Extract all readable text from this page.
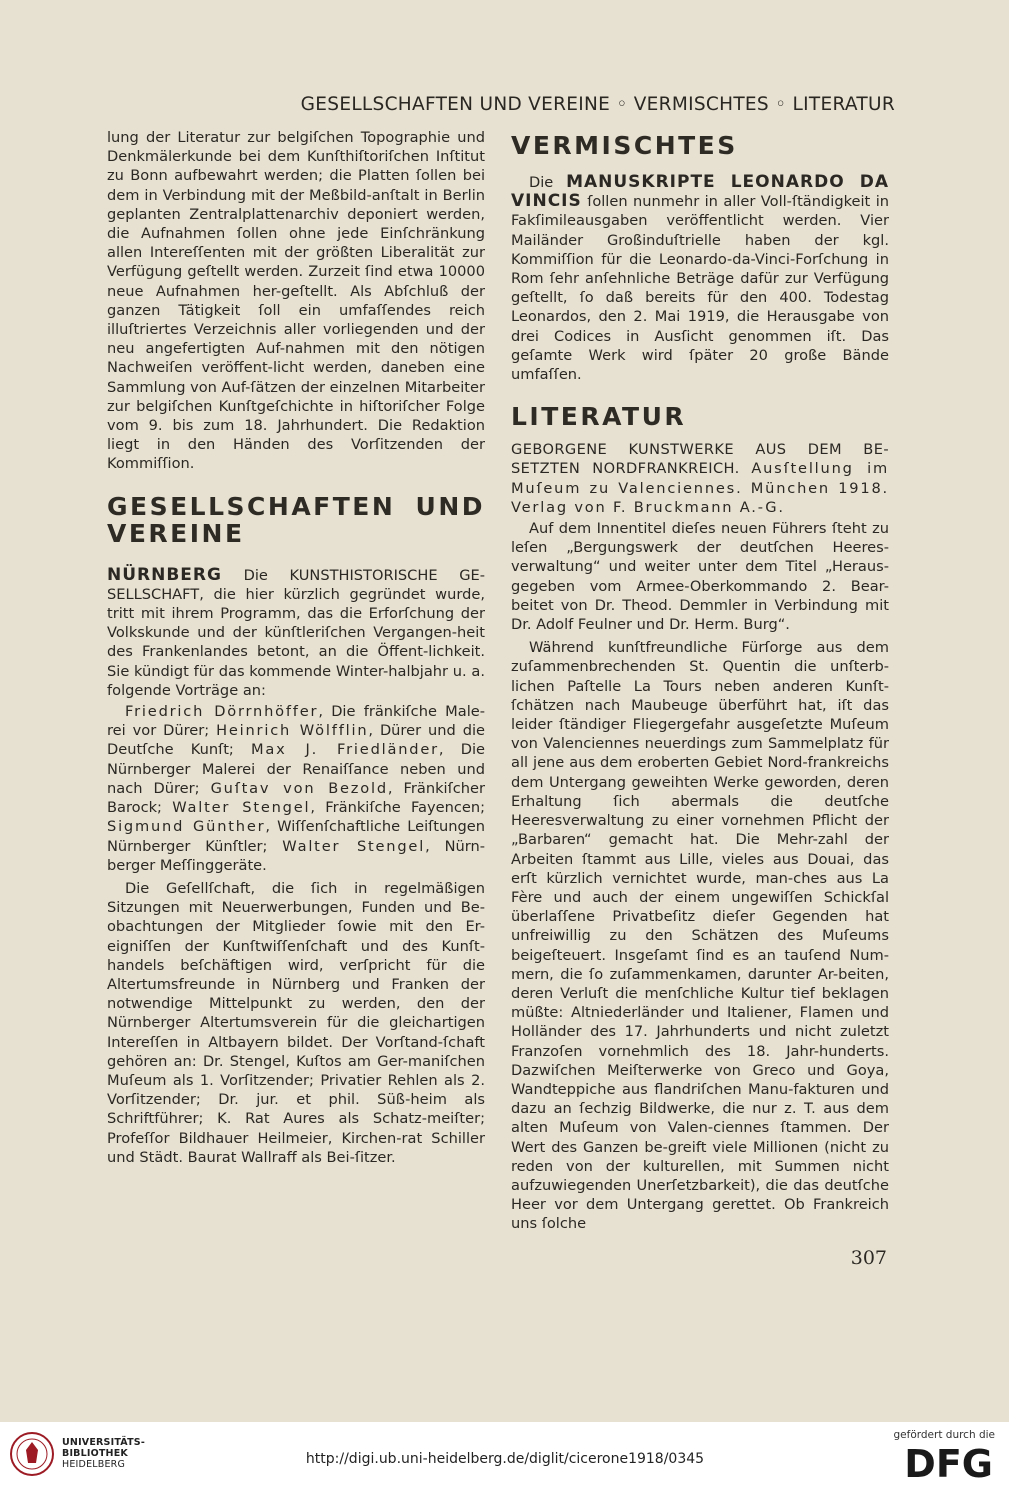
GESELLSCHAFTEN UND VEREINE ◦ VERMISCHTES ◦ LITERATUR

lung der Literatur zur belgiſchen Topographie und Denkmälerkunde bei dem Kunſthiſtoriſchen Inſtitut zu Bonn aufbewahrt werden; die Platten ſollen bei dem in Verbindung mit der Meßbild-anſtalt in Berlin geplanten Zentralplattenarchiv deponiert werden, die Aufnahmen ſollen ohne jede Einſchränkung allen Intereſſenten mit der größten Liberalität zur Verfügung geſtellt werden. Zurzeit ſind etwa 10000 neue Aufnahmen her-geſtellt. Als Abſchluß der ganzen Tätigkeit ſoll ein umfaſſendes reich illuſtriertes Verzeichnis aller vorliegenden und der neu angefertigten Auf-nahmen mit den nötigen Nachweiſen veröffent-licht werden, daneben eine Sammlung von Auf-ſätzen der einzelnen Mitarbeiter zur belgiſchen Kunſtgeſchichte in hiſtoriſcher Folge vom 9. bis zum 18. Jahrhundert. Die Redaktion liegt in den Händen des Vorſitzenden der Kommiſſion.

GESELLSCHAFTEN UND VEREINE

NÜRNBERG Die KUNSTHISTORISCHE GE-SELLSCHAFT, die hier kürzlich gegründet wurde, tritt mit ihrem Programm, das die Erforſchung der Volkskunde und der künſtleriſchen Vergangen-heit des Frankenlandes betont, an die Öffent-lichkeit. Sie kündigt für das kommende Winter-halbjahr u. a. folgende Vorträge an:

Friedrich Dörrnhöffer, Die fränkiſche Male-rei vor Dürer; Heinrich Wölfflin, Dürer und die Deutſche Kunſt; Max J. Friedländer, Die Nürnberger Malerei der Renaiſſance neben und nach Dürer; Guſtav von Bezold, Fränkiſcher Barock; Walter Stengel, Fränkiſche Fayencen; Sigmund Günther, Wiſſenſchaftliche Leiſtungen Nürnberger Künſtler; Walter Stengel, Nürn-berger Meſſinggeräte.

Die Geſellſchaft, die ſich in regelmäßigen Sitzungen mit Neuerwerbungen, Funden und Be-obachtungen der Mitglieder ſowie mit den Er-eigniſſen der Kunſtwiſſenſchaft und des Kunſt-handels beſchäftigen wird, verſpricht für die Altertumsfreunde in Nürnberg und Franken der notwendige Mittelpunkt zu werden, den der Nürnberger Altertumsverein für die gleichartigen Intereſſen in Altbayern bildet. Der Vorſtand-ſchaft gehören an: Dr. Stengel, Kuſtos am Ger-maniſchen Muſeum als 1. Vorſitzender; Privatier Rehlen als 2. Vorſitzender; Dr. jur. et phil. Süß-heim als Schriftführer; K. Rat Aures als Schatz-meiſter; Profeſſor Bildhauer Heilmeier, Kirchen-rat Schiller und Städt. Baurat Wallraff als Bei-ſitzer.

VERMISCHTES

Die MANUSKRIPTE LEONARDO DA VINCIS ſollen nunmehr in aller Voll-ſtändigkeit in Fakſimileausgaben veröffentlicht werden. Vier Mailänder Großinduſtrielle haben der kgl. Kommiſſion für die Leonardo-da-Vinci-Forſchung in Rom ſehr anſehnliche Beträge dafür zur Verfügung geſtellt, ſo daß bereits für den 400. Todestag Leonardos, den 2. Mai 1919, die Herausgabe von drei Codices in Ausſicht genommen iſt. Das geſamte Werk wird ſpäter 20 große Bände umfaſſen.

LITERATUR

GEBORGENE KUNSTWERKE AUS DEM BE-SETZTEN NORDFRANKREICH. Ausſtellung im Muſeum zu Valenciennes. München 1918. Verlag von F. Bruckmann A.-G.

Auf dem Innentitel dieſes neuen Führers ſteht zu leſen „Bergungswerk der deutſchen Heeres-verwaltung“ und weiter unter dem Titel „Heraus-gegeben vom Armee-Oberkommando 2. Bear-beitet von Dr. Theod. Demmler in Verbindung mit Dr. Adolf Feulner und Dr. Herm. Burg“.

Während kunſtfreundliche Fürſorge aus dem zuſammenbrechenden St. Quentin die unſterb-lichen Paſtelle La Tours neben anderen Kunſt-ſchätzen nach Maubeuge überführt hat, iſt das leider ſtändiger Fliegergefahr ausgeſetzte Muſeum von Valenciennes neuerdings zum Sammelplatz für all jene aus dem eroberten Gebiet Nord-frankreichs dem Untergang geweihten Werke geworden, deren Erhaltung ſich abermals die deutſche Heeresverwaltung zu einer vornehmen Pflicht der „Barbaren“ gemacht hat. Die Mehr-zahl der Arbeiten ſtammt aus Lille, vieles aus Douai, das erſt kürzlich vernichtet wurde, man-ches aus La Fère und auch der einem ungewiſſen Schickſal überlaſſene Privatbeſitz dieſer Gegenden hat unfreiwillig zu den Schätzen des Muſeums beigeſteuert. Insgeſamt ſind es an tauſend Num-mern, die ſo zuſammenkamen, darunter Ar-beiten, deren Verluſt die menſchliche Kultur tief beklagen müßte: Altniederländer und Italiener, Flamen und Holländer des 17. Jahrhunderts und nicht zuletzt Franzoſen vornehmlich des 18. Jahr-hunderts. Dazwiſchen Meiſterwerke von Greco und Goya, Wandteppiche aus flandriſchen Manu-fakturen und dazu an ſechzig Bildwerke, die nur z. T. aus dem alten Muſeum von Valen-ciennes ſtammen. Der Wert des Ganzen be-greift viele Millionen (nicht zu reden von der kulturellen, mit Summen nicht aufzuwiegenden Unerſetzbarkeit), die das deutſche Heer vor dem Untergang gerettet. Ob Frankreich uns ſolche

307
UNIVERSITÄTS-
BIBLIOTHEK
HEIDELBERG	http://digi.ub.uni-heidelberg.de/diglit/cicerone1918/0345
gefördert durch die
DFG
